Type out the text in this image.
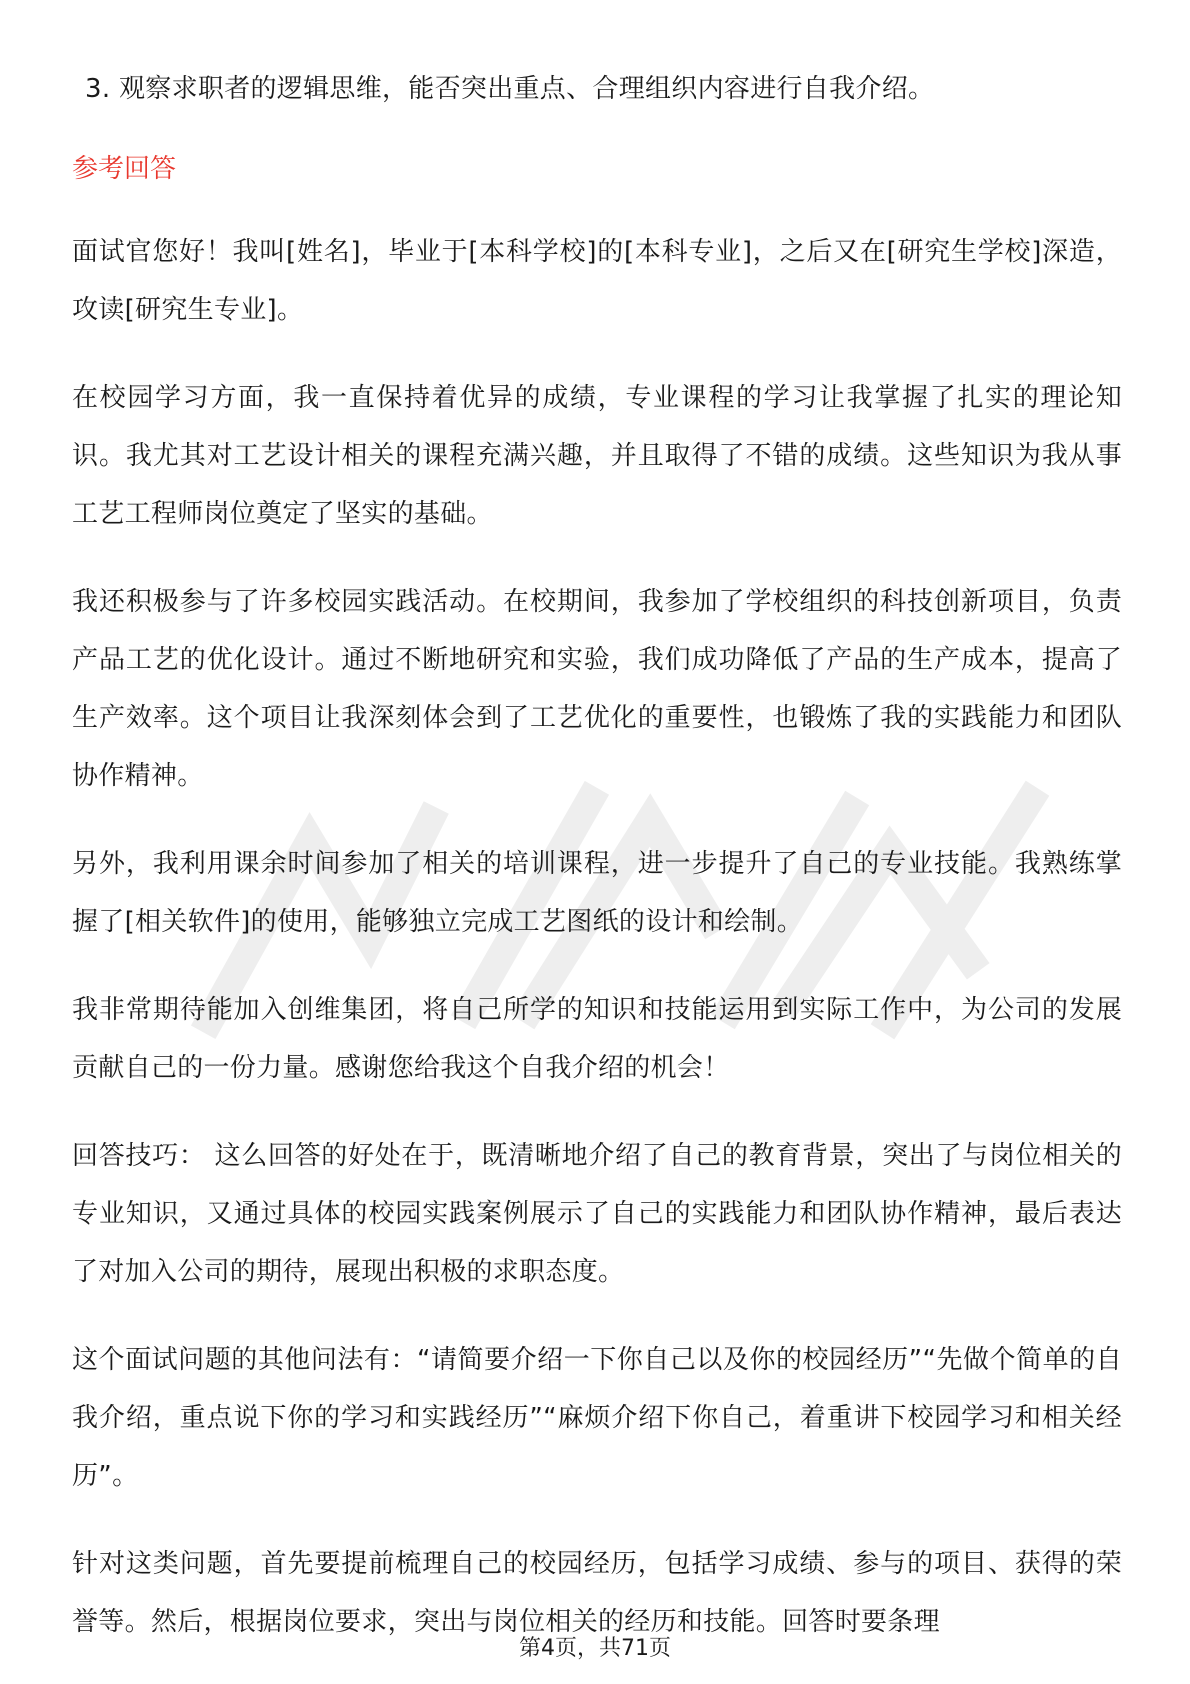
3. 观察求职者的逻辑思维，能否突出重点、合理组织内容进行自我介绍。

参考回答

面试官您好！我叫[姓名]，毕业于[本科学校]的[本科专业]，之后又在[研究生学校]深造，攻读[研究生专业]。

在校园学习方面，我一直保持着优异的成绩，专业课程的学习让我掌握了扎实的理论知识。我尤其对工艺设计相关的课程充满兴趣，并且取得了不错的成绩。这些知识为我从事工艺工程师岗位奠定了坚实的基础。

我还积极参与了许多校园实践活动。在校期间，我参加了学校组织的科技创新项目，负责产品工艺的优化设计。通过不断地研究和实验，我们成功降低了产品的生产成本，提高了生产效率。这个项目让我深刻体会到了工艺优化的重要性，也锻炼了我的实践能力和团队协作精神。

另外，我利用课余时间参加了相关的培训课程，进一步提升了自己的专业技能。我熟练掌握了[相关软件]的使用，能够独立完成工艺图纸的设计和绘制。

我非常期待能加入创维集团，将自己所学的知识和技能运用到实际工作中，为公司的发展贡献自己的一份力量。感谢您给我这个自我介绍的机会！

回答技巧： 这么回答的好处在于，既清晰地介绍了自己的教育背景，突出了与岗位相关的专业知识，又通过具体的校园实践案例展示了自己的实践能力和团队协作精神，最后表达了对加入公司的期待，展现出积极的求职态度。

这个面试问题的其他问法有：“请简要介绍一下你自己以及你的校园经历”“先做个简单的自我介绍，重点说下你的学习和实践经历”“麻烦介绍下你自己，着重讲下校园学习和相关经历”。

针对这类问题，首先要提前梳理自己的校园经历，包括学习成绩、参与的项目、获得的荣誉等。然后，根据岗位要求，突出与岗位相关的经历和技能。回答时要条理

第4页，共71页
